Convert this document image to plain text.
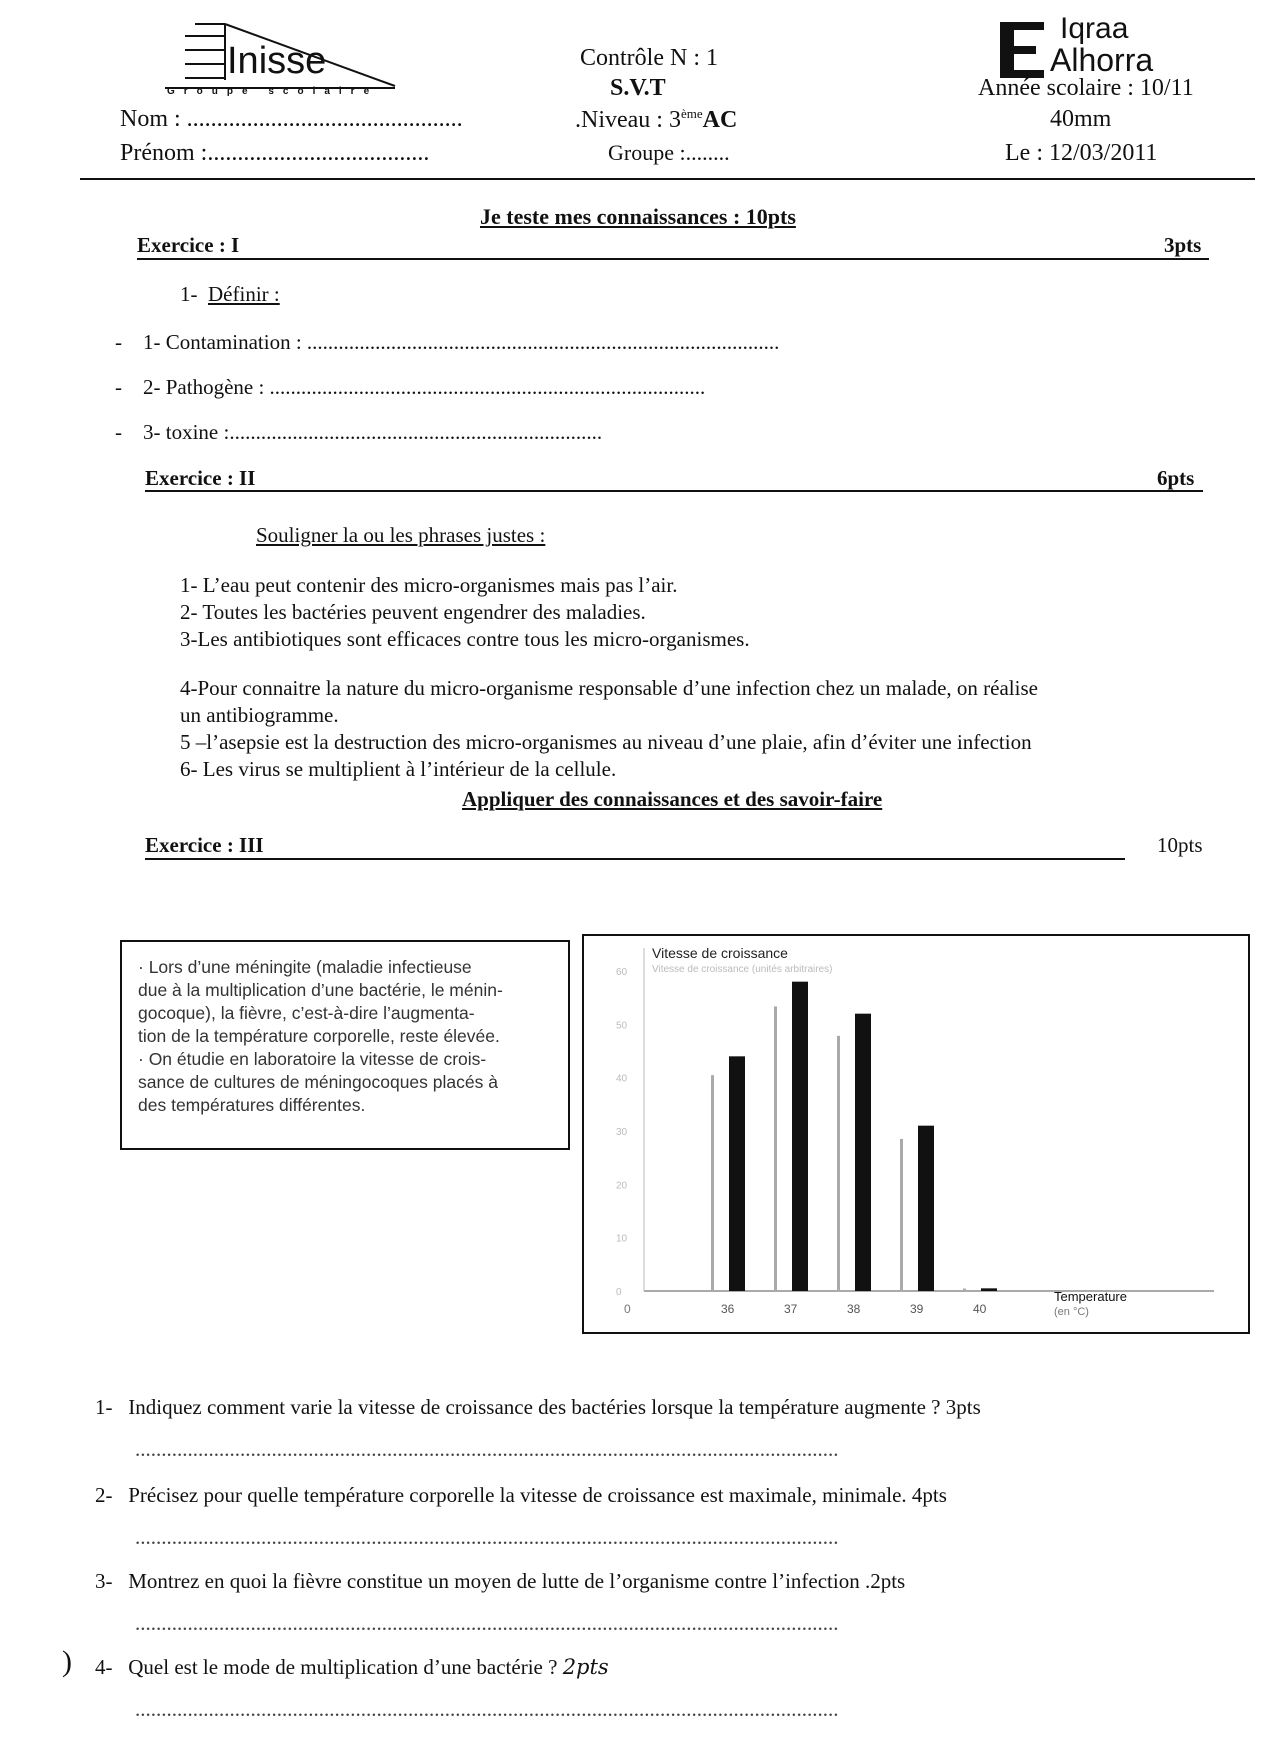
Inisse
Groupe scolaire
Nom : ..............................................
Prénom :.....................................
Contrôle N : 1
S.V.T
.Niveau : 3èmeAC
Groupe :........
Iqraa
Alhorra
Année scolaire : 10/11
40mm
Le : 12/03/2011
Je teste mes connaissances : 10pts
Exercice : I	3pts
1- Définir :
-    1- Contamination : ..........................................................................................
-    2- Pathogène : ...................................................................................
-    3- toxine :.......................................................................
Exercice : II	6pts
Souligner la ou les phrases justes :
1- L’eau peut contenir des micro-organismes mais pas l’air.
2- Toutes les bactéries peuvent engendrer des maladies.
3-Les antibiotiques sont efficaces contre tous les micro-organismes.
4-Pour connaitre la nature du micro-organisme responsable d’une infection chez un malade, on réalise
un antibiogramme.
5 –l’asepsie est la destruction des micro-organismes au niveau d’une plaie, afin d’éviter une infection
6- Les virus se multiplient à l’intérieur de la cellule.
Appliquer des connaissances et des savoir-faire
Exercice : III	10pts
· Lors d’une méningite (maladie infectieuse
due à la multiplication d’une bactérie, le ménin-
gocoque), la fièvre, c’est-à-dire l’augmenta-
tion de la température corporelle, reste élevée.
· On étudie en laboratoire la vitesse de crois-
sance de cultures de méningocoques placés à
des températures différentes.
Vitesse de croissance
Vitesse de croissance (unités arbitraires)
0
10
20
30
40
50
60
0	36	37	38	39	40
Temperature
(en °C)
1- Indiquez comment varie la vitesse de croissance des bactéries lorsque la température augmente ? 3pts
......................................................................................................................................
2- Précisez pour quelle température corporelle la vitesse de croissance est maximale, minimale. 4pts
......................................................................................................................................
3- Montrez en quoi la fièvre constitue un moyen de lutte de l’organisme contre l’infection .2pts
......................................................................................................................................
4- Quel est le mode de multiplication d’une bactérie ? 2pts
......................................................................................................................................
)
